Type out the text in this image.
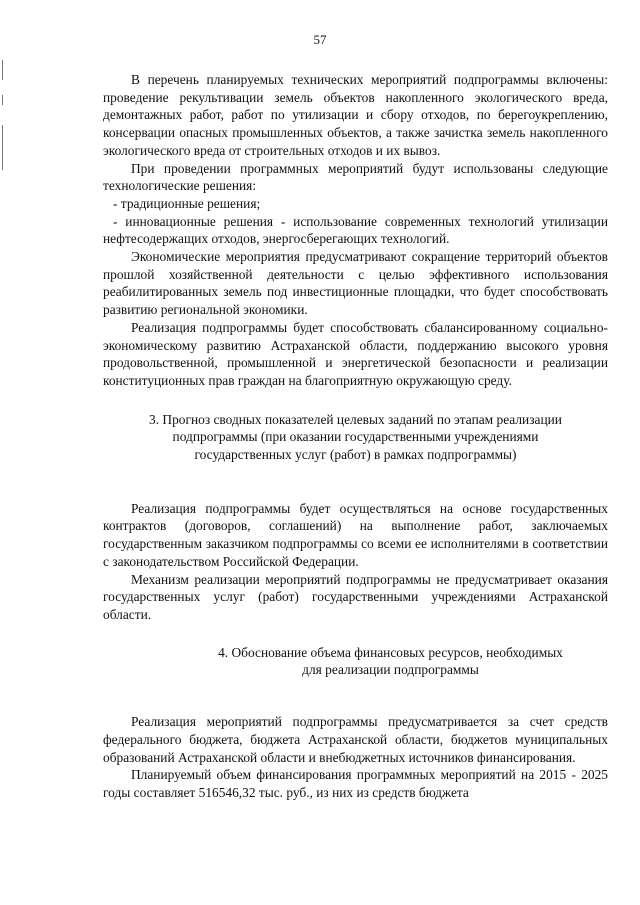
57

В перечень планируемых технических мероприятий подпрограммы включены: проведение рекультивации земель объектов накопленного экологического вреда, демонтажных работ, работ по утилизации и сбору отходов, по берегоукреплению, консервации опасных промышленных объектов, а также зачистка земель накопленного экологического вреда от строительных отходов и их вывоз.

При проведении программных мероприятий будут использованы следующие технологические решения:

- традиционные решения;

- инновационные решения - использование современных технологий утилизации нефтесодержащих отходов, энергосберегающих технологий.

Экономические мероприятия предусматривают сокращение территорий объектов прошлой хозяйственной деятельности с целью эффективного использования реабилитированных земель под инвестиционные площадки, что будет способствовать развитию региональной экономики.

Реализация подпрограммы будет способствовать сбалансированному социально-экономическому развитию Астраханской области, поддержанию высокого уровня продовольственной, промышленной и энергетической безопасности и реализации конституционных прав граждан на благоприятную окружающую среду.

3. Прогноз сводных показателей целевых заданий по этапам реализации
подпрограммы (при оказании государственными учреждениями
государственных услуг (работ) в рамках подпрограммы)

Реализация подпрограммы будет осуществляться на основе государственных контрактов (договоров, соглашений) на выполнение работ, заключаемых государственным заказчиком подпрограммы со всеми ее исполнителями в соответствии с законодательством Российской Федерации.

Механизм реализации мероприятий подпрограммы не предусматривает оказания государственных услуг (работ) государственными учреждениями Астраханской области.

4. Обоснование объема финансовых ресурсов, необходимых
для реализации подпрограммы

Реализация мероприятий подпрограммы предусматривается за счет средств федерального бюджета, бюджета Астраханской области, бюджетов муниципальных образований Астраханской области и внебюджетных источников финансирования.

Планируемый объем финансирования программных мероприятий на 2015 - 2025 годы составляет 516546,32 тыс. руб., из них из средств бюджета
